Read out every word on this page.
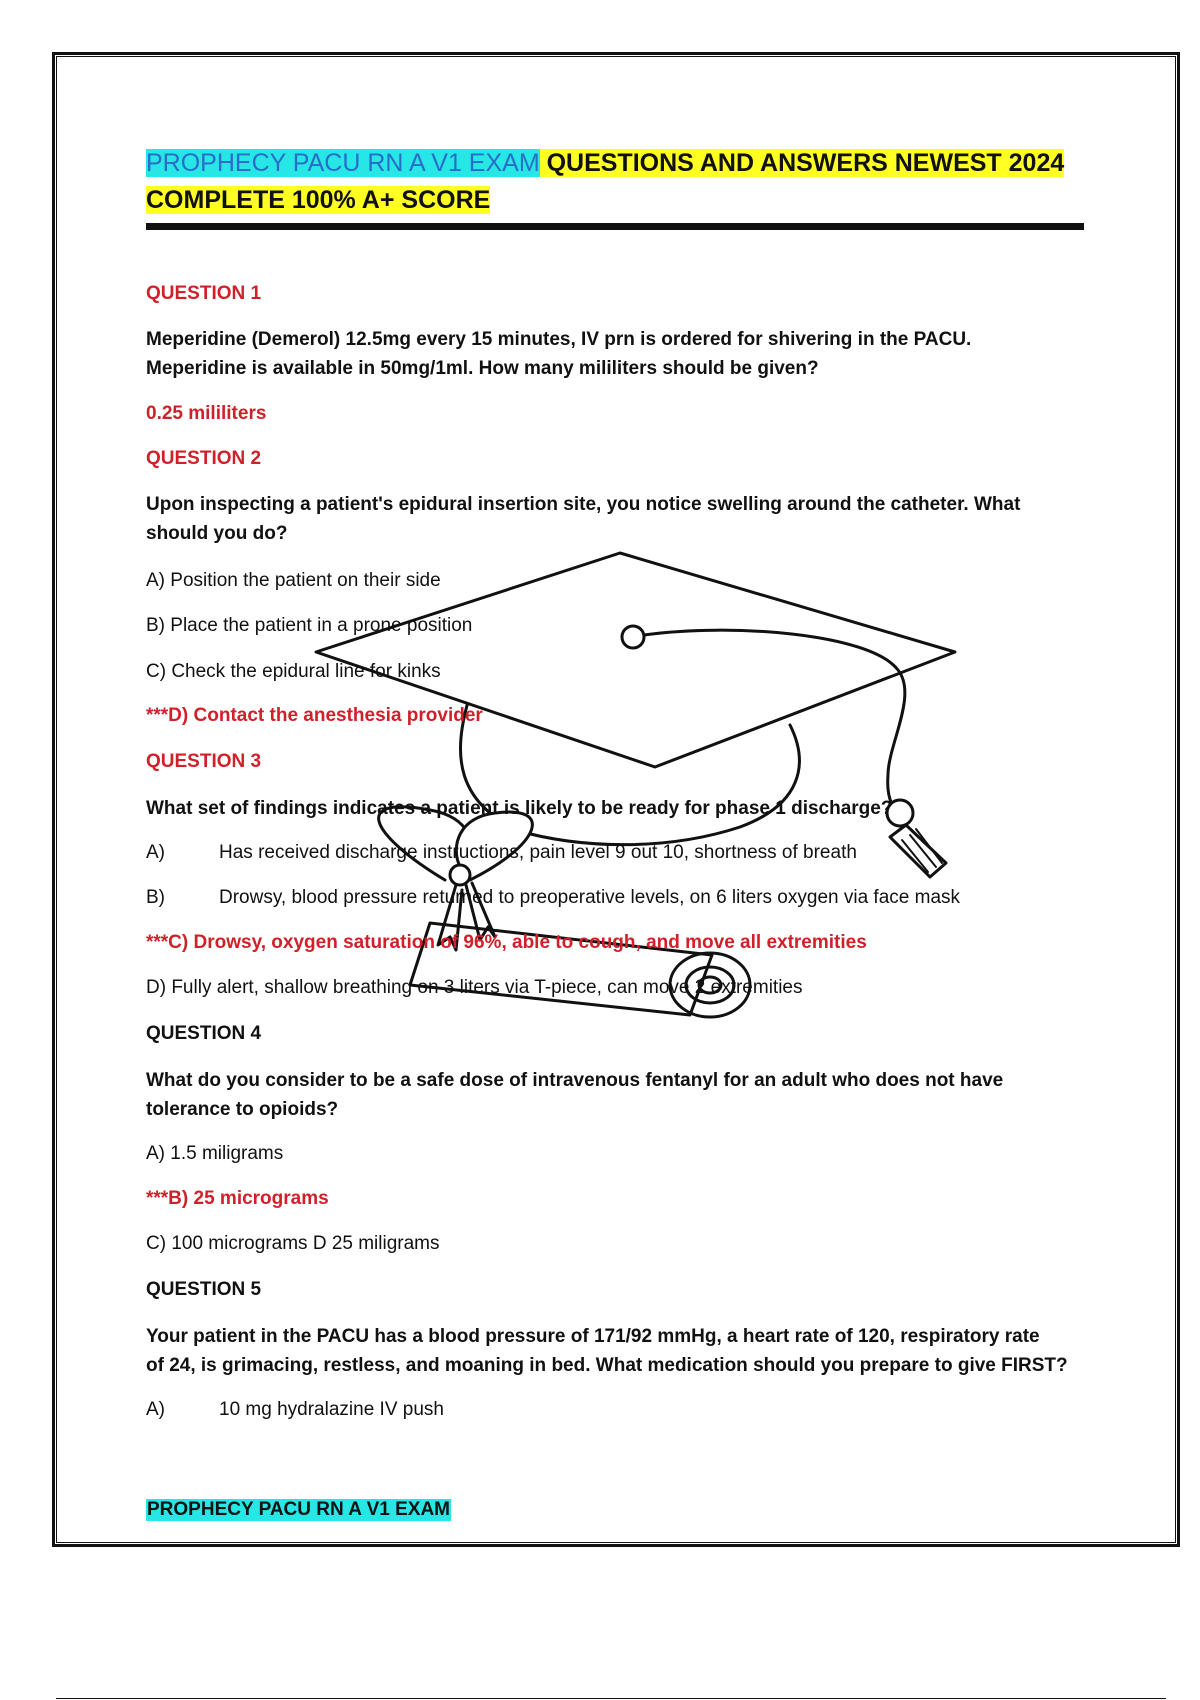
PROPHECY PACU RN A V1 EXAM QUESTIONS AND ANSWERS NEWEST 2024
COMPLETE 100% A+ SCORE
QUESTION 1
Meperidine (Demerol) 12.5mg every 15 minutes, IV prn is ordered for shivering in the PACU.
Meperidine is available in 50mg/1ml. How many mililiters should be given?
0.25 mililiters
QUESTION 2
Upon inspecting a patient's epidural insertion site, you notice swelling around the catheter. What
should you do?
A) Position the patient on their side
B) Place the patient in a prone position
C) Check the epidural line for kinks
***D) Contact the anesthesia provider
QUESTION 3
What set of findings indicates a patient is likely to be ready for phase 1 discharge?
A)	Has received discharge instructions, pain level 9 out 10, shortness of breath
B)	Drowsy, blood pressure returned to preoperative levels, on 6 liters oxygen via face mask
***C) Drowsy, oxygen saturation of 96%, able to cough, and move all extremities
D) Fully alert, shallow breathing on 3 liters via T-piece, can move 2 extremities
QUESTION 4
What do you consider to be a safe dose of intravenous fentanyl for an adult who does not have
tolerance to opioids?
A) 1.5 miligrams
***B) 25 micrograms
C) 100 micrograms D 25 miligrams
QUESTION 5
Your patient in the PACU has a blood pressure of 171/92 mmHg, a heart rate of 120, respiratory rate
of 24, is grimacing, restless, and moaning in bed. What medication should you prepare to give FIRST?
A)	10 mg hydralazine IV push
PROPHECY PACU RN A V1 EXAM
